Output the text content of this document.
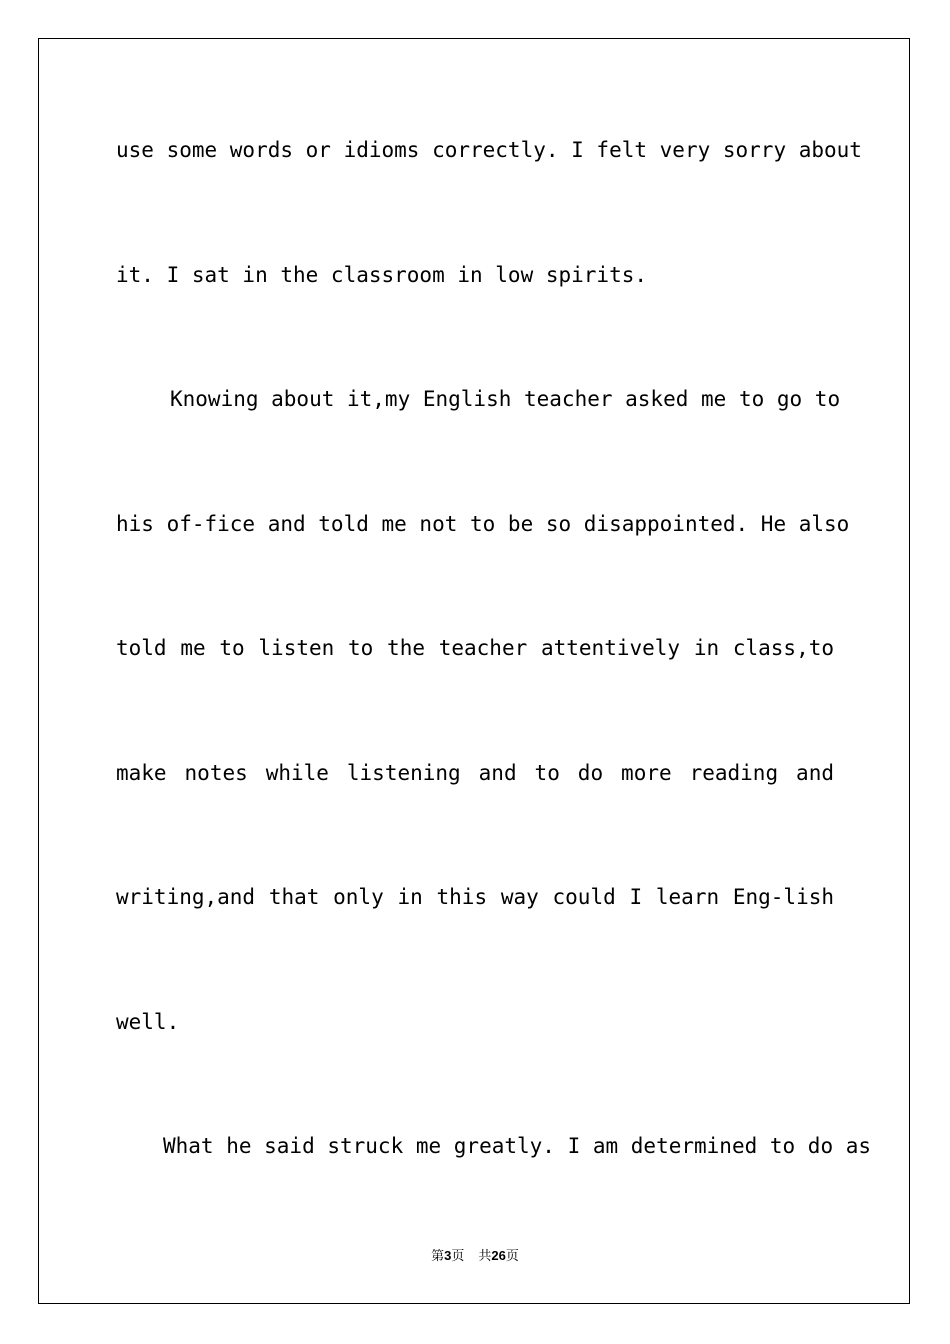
use some words or idioms correctly. I felt very sorry about
it. I sat in the classroom in low spirits.
Knowing about it,my English teacher asked me to go to
his of-fice and told me not to be so disappointed. He also
told me to listen to the teacher attentively in class,to
make notes while listening and to do more reading and
writing,and that only in this way could I learn Eng-lish
well.
What he said struck me greatly. I am determined to do as
第3页 共26页
